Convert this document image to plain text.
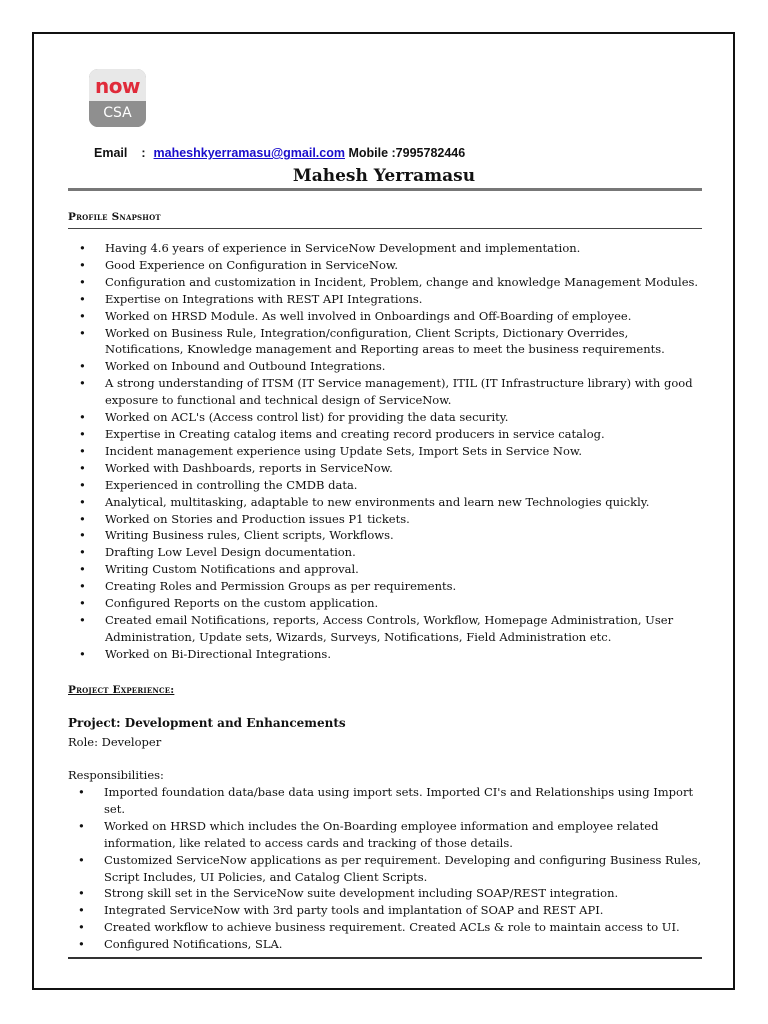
now
CSA
Email : maheshkyerramasu@gmail.com Mobile :7995782446
Mahesh Yerramasu
Profile Snapshot
• Having 4.6 years of experience in ServiceNow Development and implementation.
• Good Experience on Configuration in ServiceNow.
• Configuration and customization in Incident, Problem, change and knowledge Management Modules.
• Expertise on Integrations with REST API Integrations.
• Worked on HRSD Module. As well involved in Onboardings and Off-Boarding of employee.
• Worked on Business Rule, Integration/configuration, Client Scripts, Dictionary Overrides, Notifications, Knowledge management and Reporting areas to meet the business requirements.
• Worked on Inbound and Outbound Integrations.
• A strong understanding of ITSM (IT Service management), ITIL (IT Infrastructure library) with good exposure to functional and technical design of ServiceNow.
• Worked on ACL's (Access control list) for providing the data security.
• Expertise in Creating catalog items and creating record producers in service catalog.
• Incident management experience using Update Sets, Import Sets in Service Now.
• Worked with Dashboards, reports in ServiceNow.
• Experienced in controlling the CMDB data.
• Analytical, multitasking, adaptable to new environments and learn new Technologies quickly.
• Worked on Stories and Production issues P1 tickets.
• Writing Business rules, Client scripts, Workflows.
• Drafting Low Level Design documentation.
• Writing Custom Notifications and approval.
• Creating Roles and Permission Groups as per requirements.
• Configured Reports on the custom application.
• Created email Notifications, reports, Access Controls, Workflow, Homepage Administration, User Administration, Update sets, Wizards, Surveys, Notifications, Field Administration etc.
• Worked on Bi-Directional Integrations.
Project Experience:
Project: Development and Enhancements
Role: Developer
Responsibilities:
• Imported foundation data/base data using import sets. Imported CI's and Relationships using Import set.
• Worked on HRSD which includes the On-Boarding employee information and employee related information, like related to access cards and tracking of those details.
• Customized ServiceNow applications as per requirement. Developing and configuring Business Rules, Script Includes, UI Policies, and Catalog Client Scripts.
• Strong skill set in the ServiceNow suite development including SOAP/REST integration.
• Integrated ServiceNow with 3rd party tools and implantation of SOAP and REST API.
• Created workflow to achieve business requirement. Created ACLs & role to maintain access to UI.
• Configured Notifications, SLA.
